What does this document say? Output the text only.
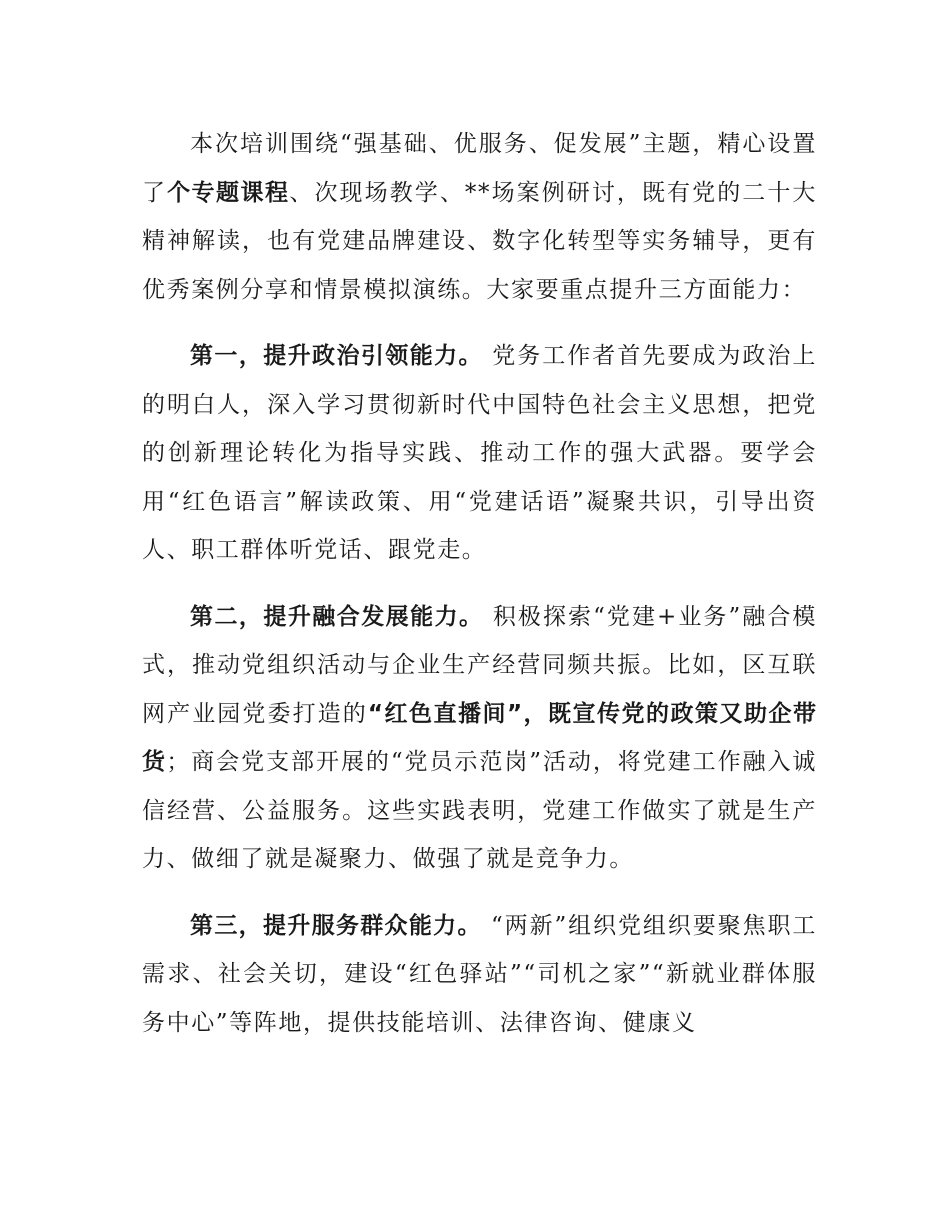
本次培训围绕“强基础、优服务、促发展”主题，精心设置了个专题课程、次现场教学、**场案例研讨，既有党的二十大精神解读，也有党建品牌建设、数字化转型等实务辅导，更有优秀案例分享和情景模拟演练。大家要重点提升三方面能力：

第一，提升政治引领能力。 党务工作者首先要成为政治上的明白人，深入学习贯彻新时代中国特色社会主义思想，把党的创新理论转化为指导实践、推动工作的强大武器。要学会用“红色语言”解读政策、用“党建话语”凝聚共识，引导出资人、职工群体听党话、跟党走。

第二，提升融合发展能力。 积极探索“党建+业务”融合模式，推动党组织活动与企业生产经营同频共振。比如，区互联网产业园党委打造的“红色直播间”，既宣传党的政策又助企带货；商会党支部开展的“党员示范岗”活动，将党建工作融入诚信经营、公益服务。这些实践表明，党建工作做实了就是生产力、做细了就是凝聚力、做强了就是竞争力。

第三，提升服务群众能力。 “两新”组织党组织要聚焦职工需求、社会关切，建设“红色驿站”“司机之家”“新就业群体服务中心”等阵地，提供技能培训、法律咨询、健康义
